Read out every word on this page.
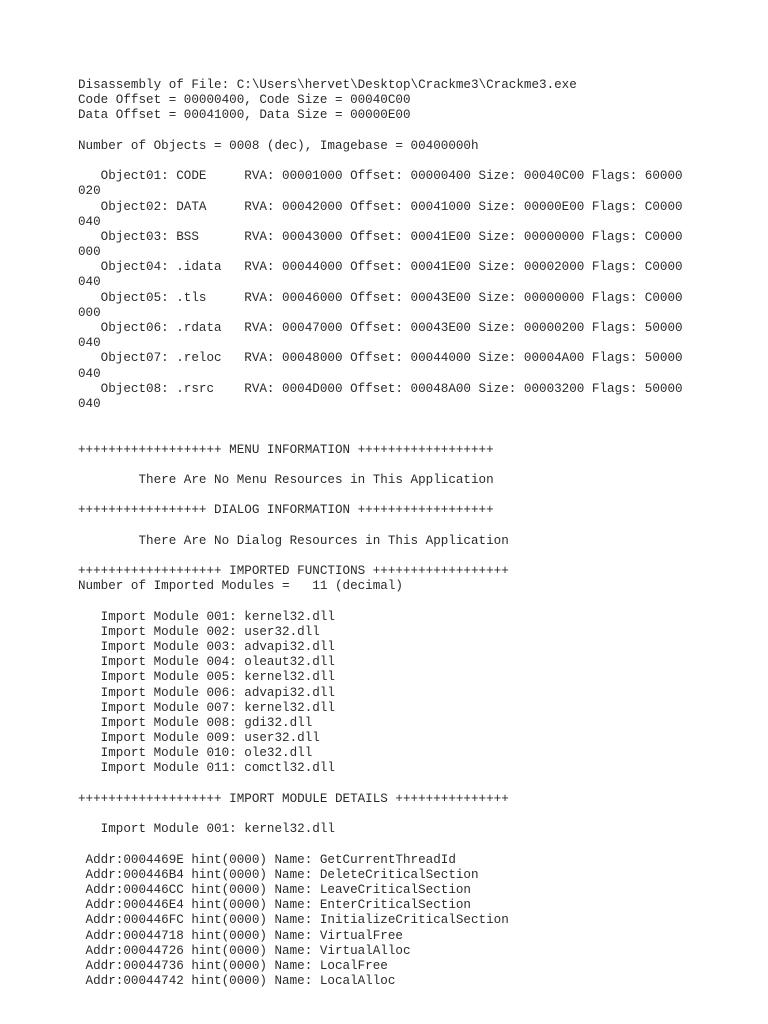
Disassembly of File: C:\Users\hervet\Desktop\Crackme3\Crackme3.exe
Code Offset = 00000400, Code Size = 00040C00
Data Offset = 00041000, Data Size = 00000E00
Number of Objects = 0008 (dec), Imagebase = 00400000h
Object01: CODE     RVA: 00001000 Offset: 00000400 Size: 00040C00 Flags: 60000
020
Object02: DATA     RVA: 00042000 Offset: 00041000 Size: 00000E00 Flags: C0000
040
Object03: BSS      RVA: 00043000 Offset: 00041E00 Size: 00000000 Flags: C0000
000
Object04: .idata   RVA: 00044000 Offset: 00041E00 Size: 00002000 Flags: C0000
040
Object05: .tls     RVA: 00046000 Offset: 00043E00 Size: 00000000 Flags: C0000
000
Object06: .rdata   RVA: 00047000 Offset: 00043E00 Size: 00000200 Flags: 50000
040
Object07: .reloc   RVA: 00048000 Offset: 00044000 Size: 00004A00 Flags: 50000
040
Object08: .rsrc    RVA: 0004D000 Offset: 00048A00 Size: 00003200 Flags: 50000
040
+++++++++++++++++++ MENU INFORMATION ++++++++++++++++++
There Are No Menu Resources in This Application
+++++++++++++++++ DIALOG INFORMATION ++++++++++++++++++
There Are No Dialog Resources in This Application
+++++++++++++++++++ IMPORTED FUNCTIONS ++++++++++++++++++
Number of Imported Modules =   11 (decimal)
Import Module 001: kernel32.dll
Import Module 002: user32.dll
Import Module 003: advapi32.dll
Import Module 004: oleaut32.dll
Import Module 005: kernel32.dll
Import Module 006: advapi32.dll
Import Module 007: kernel32.dll
Import Module 008: gdi32.dll
Import Module 009: user32.dll
Import Module 010: ole32.dll
Import Module 011: comctl32.dll
+++++++++++++++++++ IMPORT MODULE DETAILS +++++++++++++++
Import Module 001: kernel32.dll
Addr:0004469E hint(0000) Name: GetCurrentThreadId
Addr:000446B4 hint(0000) Name: DeleteCriticalSection
Addr:000446CC hint(0000) Name: LeaveCriticalSection
Addr:000446E4 hint(0000) Name: EnterCriticalSection
Addr:000446FC hint(0000) Name: InitializeCriticalSection
Addr:00044718 hint(0000) Name: VirtualFree
Addr:00044726 hint(0000) Name: VirtualAlloc
Addr:00044736 hint(0000) Name: LocalFree
Addr:00044742 hint(0000) Name: LocalAlloc
